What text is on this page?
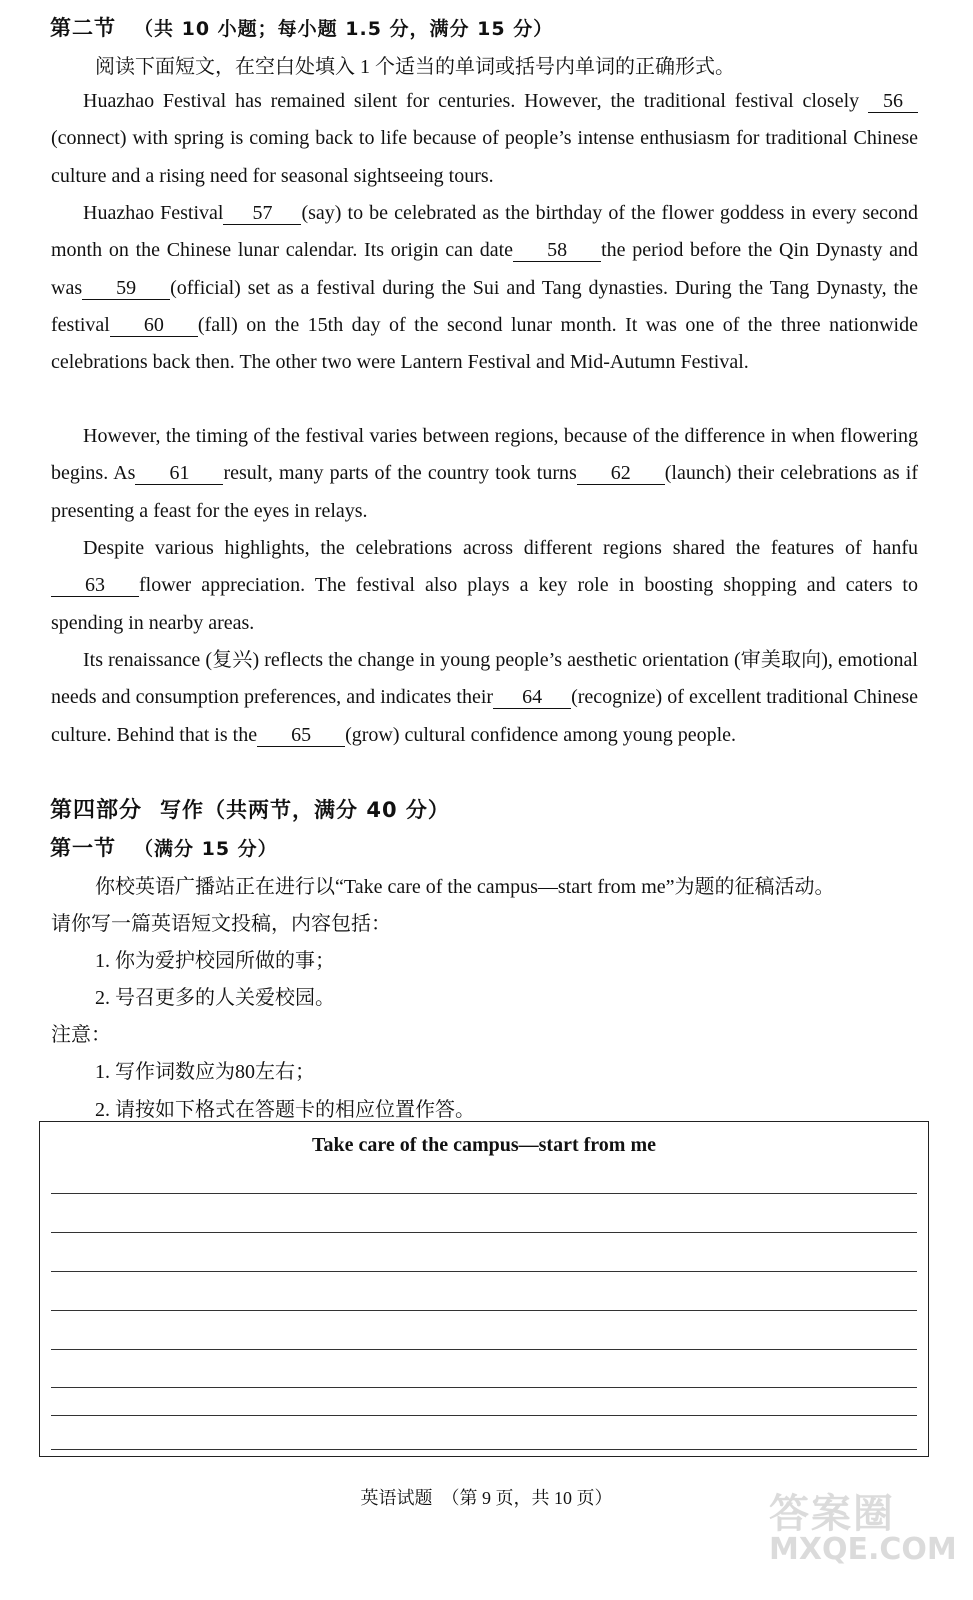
第二节 （共 10 小题；每小题 1.5 分，满分 15 分）
阅读下面短文，在空白处填入 1 个适当的单词或括号内单词的正确形式。

Huazhao Festival has remained silent for centuries. However, the traditional festival closely 56(connect) with spring is coming back to life because of people’s intense enthusiasm for traditional Chinese culture and a rising need for seasonal sightseeing tours.

Huazhao Festival 57 (say) to be celebrated as the birthday of the flower goddess in every second month on the Chinese lunar calendar. Its origin can date 58 the period before the Qin Dynasty and was 59 (official) set as a festival during the Sui and Tang dynasties. During the Tang Dynasty, the festival 60 (fall) on the 15th day of the second lunar month. It was one of the three nationwide celebrations back then. The other two were Lantern Festival and Mid-Autumn Festival.

However, the timing of the festival varies between regions, because of the difference in when flowering begins. As 61 result, many parts of the country took turns 62 (launch) their celebrations as if presenting a feast for the eyes in relays.

Despite various highlights, the celebrations across different regions shared the features of hanfu63 flower appreciation. The festival also plays a key role in boosting shopping and caters to spending in nearby areas.

Its renaissance (复兴) reflects the change in young people’s aesthetic orientation (审美取向), emotional needs and consumption preferences, and indicates their 64 (recognize) of excellent traditional Chinese culture. Behind that is the 65 (grow) cultural confidence among young people.

第四部分 写作（共两节，满分 40 分）
第一节 （满分 15 分）
你校英语广播站正在进行以“Take care of the campus—start from me”为题的征稿活动。
请你写一篇英语短文投稿，内容包括：
1. 你为爱护校园所做的事；
2. 号召更多的人关爱校园。
注意：
1. 写作词数应为80左右；
2. 请按如下格式在答题卡的相应位置作答。
Take care of the campus—start from me
英语试题　（第 9 页，共 10 页）	答案圈
MXQE.COM
